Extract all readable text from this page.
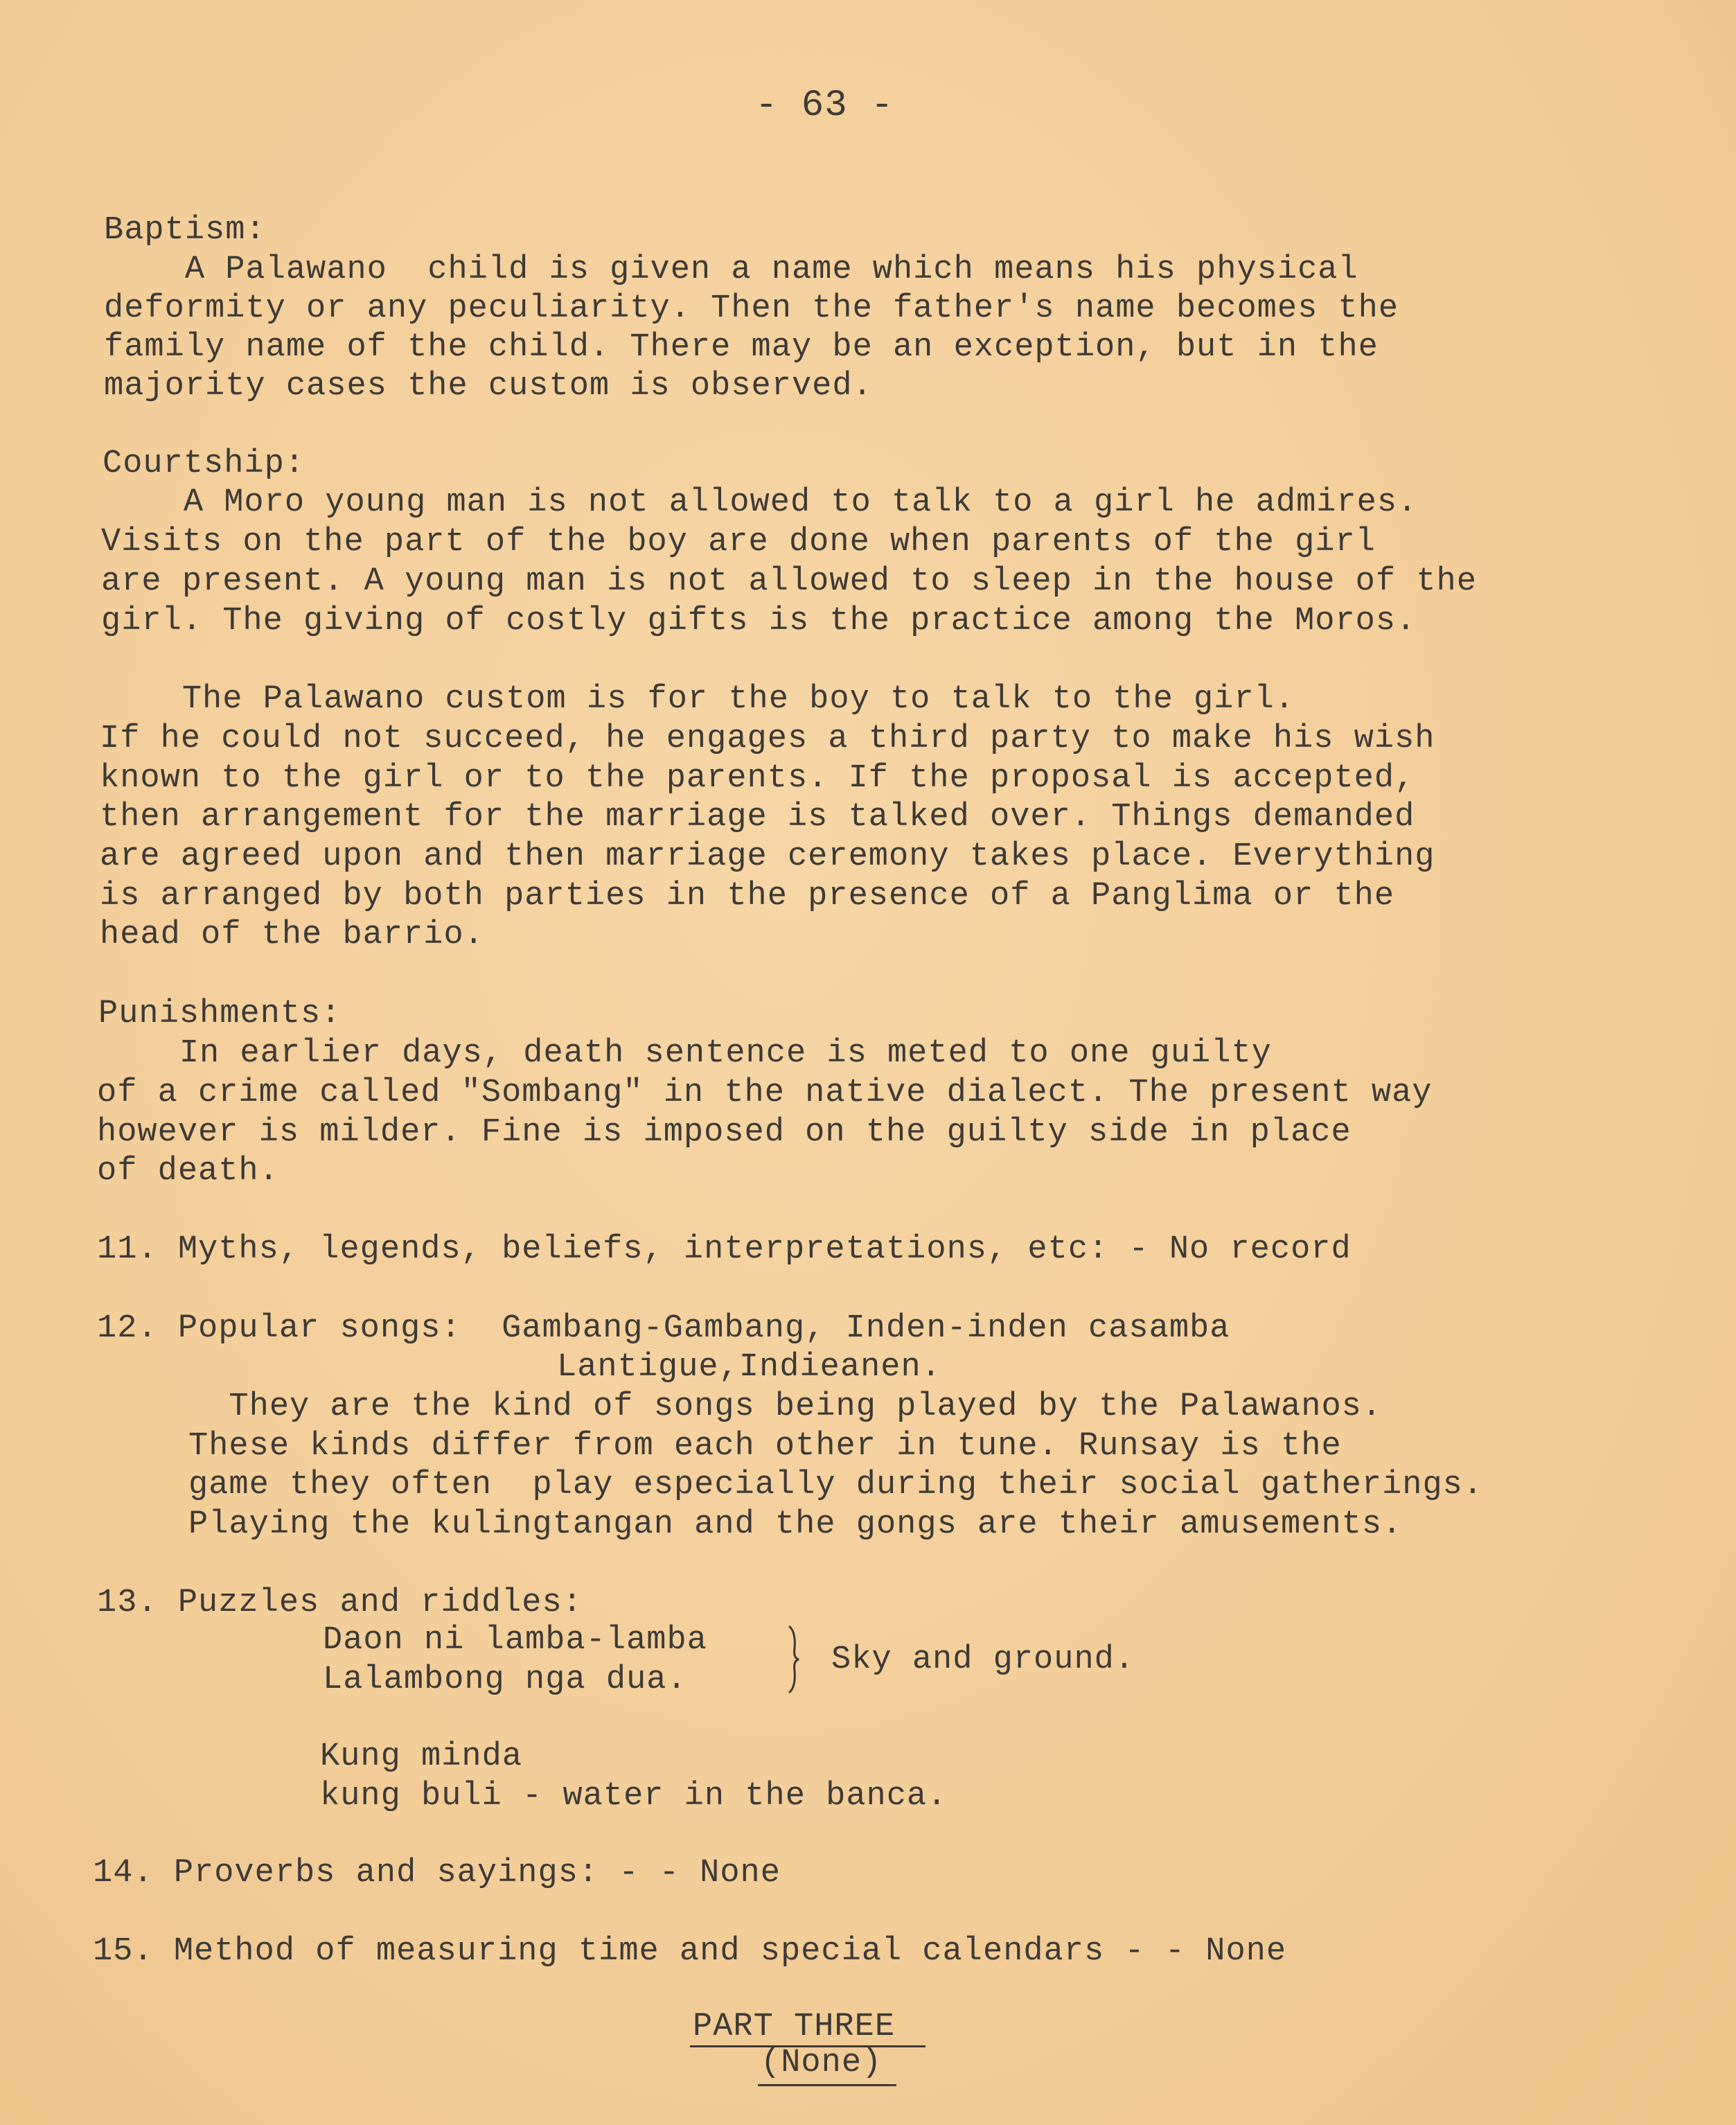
- 63 -
Baptism:
A Palawano  child is given a name which means his physical
deformity or any peculiarity. Then the father's name becomes the
family name of the child. There may be an exception, but in the
majority cases the custom is observed.
Courtship:
A Moro young man is not allowed to talk to a girl he admires.
Visits on the part of the boy are done when parents of the girl
are present. A young man is not allowed to sleep in the house of the
girl. The giving of costly gifts is the practice among the Moros.
The Palawano custom is for the boy to talk to the girl.
If he could not succeed, he engages a third party to make his wish
known to the girl or to the parents. If the proposal is accepted,
then arrangement for the marriage is talked over. Things demanded
are agreed upon and then marriage ceremony takes place. Everything
is arranged by both parties in the presence of a Panglima or the
head of the barrio.
Punishments:
In earlier days, death sentence is meted to one guilty
of a crime called "Sombang" in the native dialect. The present way
however is milder. Fine is imposed on the guilty side in place
of death.
11. Myths, legends, beliefs, interpretations, etc: - No record
12. Popular songs:  Gambang-Gambang, Inden-inden casamba
Lantigue,Indieanen.
They are the kind of songs being played by the Palawanos.
These kinds differ from each other in tune. Runsay is the
game they often  play especially during their social gatherings.
Playing the kulingtangan and the gongs are their amusements.
13. Puzzles and riddles:
Daon ni lamba-lamba
Lalambong nga dua.
Sky and ground.
Kung minda
kung buli - water in the banca.
14. Proverbs and sayings: - - None
15. Method of measuring time and special calendars - - None
PART THREE
(None)
